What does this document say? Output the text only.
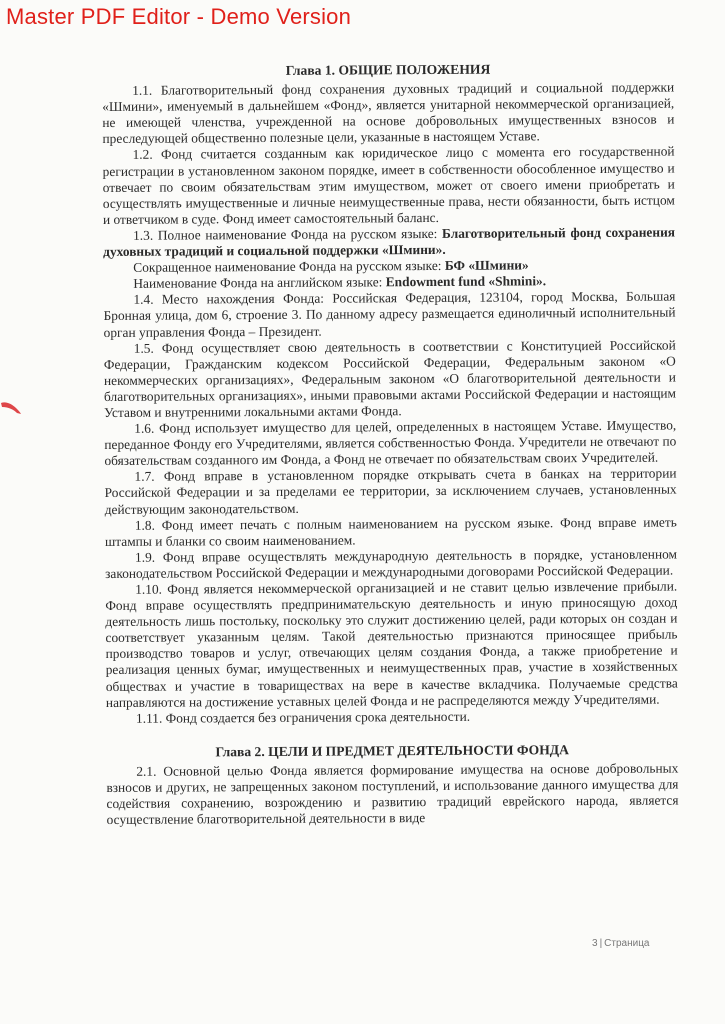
Master PDF Editor - Demo Version
Глава 1. ОБЩИЕ ПОЛОЖЕНИЯ

1.1. Благотворительный фонд сохранения духовных традиций и социальной поддержки «Шмини», именуемый в дальнейшем «Фонд», является унитарной некоммерческой организацией, не имеющей членства, учрежденной на основе добровольных имущественных взносов и преследующей общественно полезные цели, указанные в настоящем Уставе.

1.2. Фонд считается созданным как юридическое лицо с момента его государственной регистрации в установленном законом порядке, имеет в собственности обособленное имущество и отвечает по своим обязательствам этим имуществом, может от своего имени приобретать и осуществлять имущественные и личные неимущественные права, нести обязанности, быть истцом и ответчиком в суде. Фонд имеет самостоятельный баланс.

1.3. Полное наименование Фонда на русском языке: Благотворительный фонд сохранения духовных традиций и социальной поддержки «Шмини».

Сокращенное наименование Фонда на русском языке: БФ «Шмини»

Наименование Фонда на английском языке: Endowment fund «Shmini».

1.4. Место нахождения Фонда: Российская Федерация, 123104, город Москва, Большая Бронная улица, дом 6, строение 3. По данному адресу размещается единоличный исполнительный орган управления Фонда – Президент.

1.5. Фонд осуществляет свою деятельность в соответствии с Конституцией Российской Федерации, Гражданским кодексом Российской Федерации, Федеральным законом «О некоммерческих организациях», Федеральным законом «О благотворительной деятельности и благотворительных организациях», иными правовыми актами Российской Федерации и настоящим Уставом и внутренними локальными актами Фонда.

1.6. Фонд использует имущество для целей, определенных в настоящем Уставе. Имущество, переданное Фонду его Учредителями, является собственностью Фонда. Учредители не отвечают по обязательствам созданного им Фонда, а Фонд не отвечает по обязательствам своих Учредителей.

1.7. Фонд вправе в установленном порядке открывать счета в банках на территории Российской Федерации и за пределами ее территории, за исключением случаев, установленных действующим законодательством.

1.8. Фонд имеет печать с полным наименованием на русском языке. Фонд вправе иметь штампы и бланки со своим наименованием.

1.9. Фонд вправе осуществлять международную деятельность в порядке, установленном законодательством Российской Федерации и международными договорами Российской Федерации.

1.10. Фонд является некоммерческой организацией и не ставит целью извлечение прибыли. Фонд вправе осуществлять предпринимательскую деятельность и иную приносящую доход деятельность лишь постольку, поскольку это служит достижению целей, ради которых он создан и соответствует указанным целям. Такой деятельностью признаются приносящее прибыль производство товаров и услуг, отвечающих целям создания Фонда, а также приобретение и реализация ценных бумаг, имущественных и неимущественных прав, участие в хозяйственных обществах и участие в товариществах на вере в качестве вкладчика. Получаемые средства направляются на достижение уставных целей Фонда и не распределяются между Учредителями.

1.11. Фонд создается без ограничения срока деятельности.

Глава 2. ЦЕЛИ И ПРЕДМЕТ ДЕЯТЕЛЬНОСТИ ФОНДА

2.1. Основной целью Фонда является формирование имущества на основе добровольных взносов и других, не запрещенных законом поступлений, и использование данного имущества для содействия сохранению, возрождению и развитию традиций еврейского народа, является осуществление благотворительной деятельности в виде

3 | Страница
